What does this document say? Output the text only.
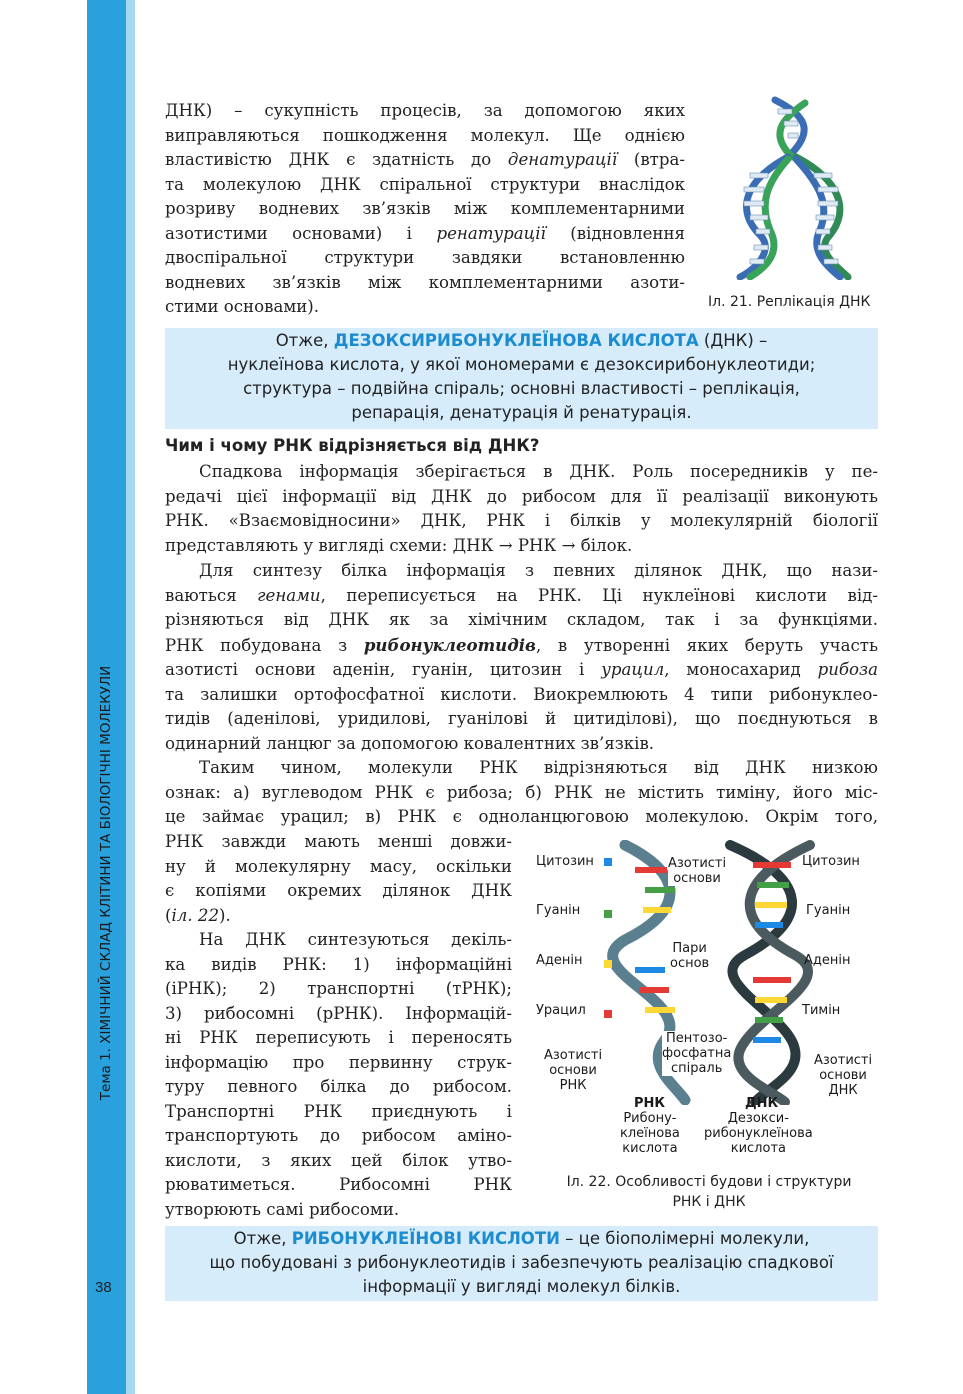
Тема 1. ХІМІЧНИЙ СКЛАД КЛІТИНИ ТА БІОЛОГІЧНІ МОЛЕКУЛИ
38
ДНК) – сукупність процесів, за допомогою яких
виправляються пошкодження молекул. Ще однією
властивістю ДНК є здатність до денатурації (втра-
та молекулою ДНК спіральної структури внаслідок
розриву водневих зв’язків між комплементарними
азотистими основами) і ренатурації (відновлення
двоспіральної структури завдяки встановленню
водневих зв’язків між комплементарними азоти-
стими основами).	Іл. 21. Реплікація ДНК
Отже, ДЕЗОКСИРИБОНУКЛЕЇНОВА КИСЛОТА (ДНК) –
нуклеїнова кислота, у якої мономерами є дезоксирибонуклеотиди;
структура – подвійна спіраль; основні властивості – реплікація,
репарація, денатурація й ренатурація.
Чим і чому РНК відрізняється від ДНК?
Спадкова інформація зберігається в ДНК. Роль посередників у пе-
редачі цієї інформації від ДНК до рибосом для її реалізації виконують
РНК. «Взаємовідносини» ДНК, РНК і білків у молекулярній біології
представляють у вигляді схеми: ДНК → РНК → білок.
Для синтезу білка інформація з певних ділянок ДНК, що нази-
ваються генами, переписується на РНК. Ці нуклеїнові кислоти від-
різняються від ДНК як за хімічним складом, так і за функціями.
РНК побудована з рибонуклеотидів, в утворенні яких беруть участь
азотисті основи аденін, гуанін, цитозин і урацил, моносахарид рибоза
та залишки ортофосфатної кислоти. Виокремлюють 4 типи рибонуклео-
тидів (аденілові, уридилові, гуанілові й цитиділові), що поєднуються в
одинарний ланцюг за допомогою ковалентних зв’язків.
Таким чином, молекули РНК відрізняються від ДНК низкою
ознак: а) вуглеводом РНК є рибоза; б) РНК не містить тиміну, його міс-
це займає урацил; в) РНК є одноланцюговою молекулою. Окрім того,
РНК завжди мають менші довжи-
ну й молекулярну масу, оскільки
є копіями окремих ділянок ДНК
(іл. 22).
На ДНК синтезуються декіль-
ка видів РНК: 1) інформаційні
(іРНК); 2) транспортні (тРНК);
3) рибосомні (рРНК). Інформацій-
ні РНК переписують і переносять
інформацію про первинну струк-
туру певного білка до рибосом.
Транспортні РНК приєднують і
транспортують до рибосом аміно-
кислоти, з яких цей білок утво-
рюватиметься. Рибосомні РНК
утворюють самі рибосоми.
Цитозин
Гуанін
Аденін
Урацил
Азотисті
основи
РНК
Цитозин
Гуанін
Аденін
Тимін
Азотисті
основи
ДНК
Азотисті
основи
Пари
основ
Пентозо-
фосфатна
спіраль
РНК
Рибону-
клеїнова
кислота
ДНК
Дезокси-
рибонуклеїнова
кислота
Іл. 22. Особливості будови і структури
РНК і ДНК
Отже, РИБОНУКЛЕЇНОВІ КИСЛОТИ – це біополімерні молекули,
що побудовані з рибонуклеотидів і забезпечують реалізацію спадкової
інформації у вигляді молекул білків.
